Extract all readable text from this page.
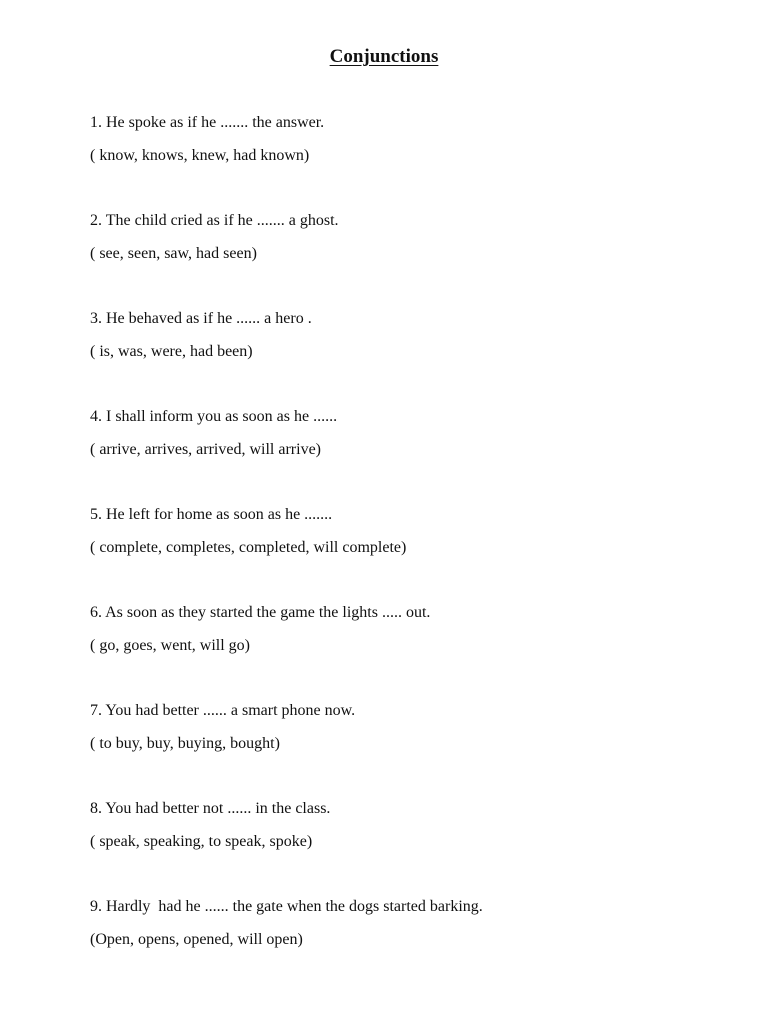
Conjunctions

1. He spoke as if he ....... the answer.

( know, knows, knew, had known)

2. The child cried as if he ....... a ghost.

( see, seen, saw, had seen)

3. He behaved as if he ...... a hero .

( is, was, were, had been)

4. I shall inform you as soon as he ......

( arrive, arrives, arrived, will arrive)

5. He left for home as soon as he .......

( complete, completes, completed, will complete)

6. As soon as they started the game the lights ..... out.

( go, goes, went, will go)

7. You had better ...... a smart phone now.

( to buy, buy, buying, bought)

8. You had better not ...... in the class.

( speak, speaking, to speak, spoke)

9. Hardly  had he ...... the gate when the dogs started barking.

(Open, opens, opened, will open)
